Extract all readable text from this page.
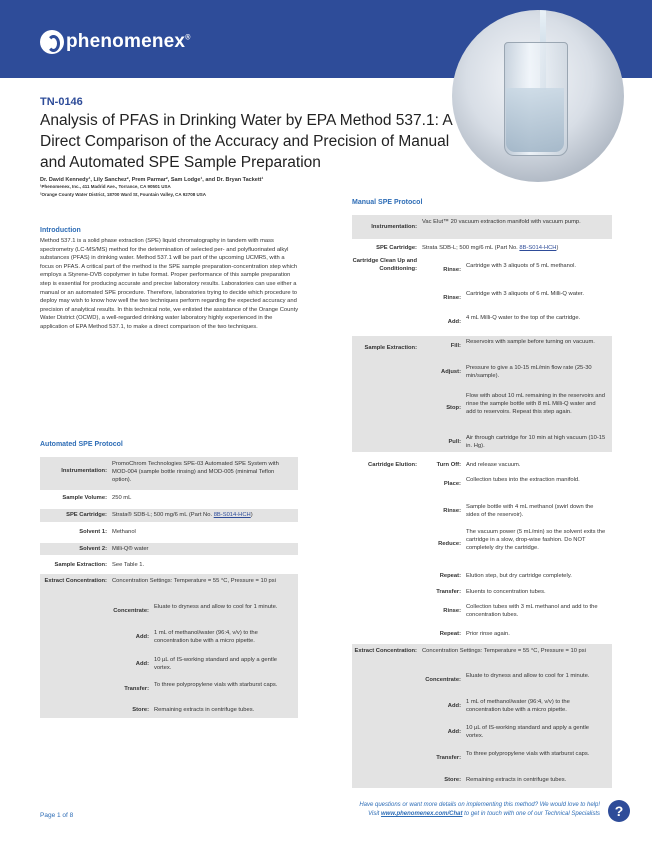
phenomenex®
TN-0146
Analysis of PFAS in Drinking Water by EPA Method 537.1: A Direct Comparison of the Accuracy and Precision of Manual and Automated SPE Sample Preparation
Dr. David Kennedy¹, Lily Sanchez², Prem Parmar², Sam Lodge¹, and Dr. Bryan Tackett¹
¹Phenomenex, Inc., 411 Madrid Ave., Torrance, CA 90501 USA
²Orange County Water District, 18700 Ward St, Fountain Valley, CA 92708 USA
Introduction
Method 537.1 is a solid phase extraction (SPE) liquid chromatography in tandem with mass spectrometry (LC-MS/MS) method for the determination of selected per- and polyfluorinated alkyl substances (PFAS) in drinking water. Method 537.1 will be part of the upcoming UCMR5, with a focus on PFAS. A critical part of the method is the SPE sample preparation-concentration step which employs a Styrene-DVB copolymer in tube format. Proper performance of this sample preparation step is essential for producing accurate and precise laboratory results. Laboratories can use either a manual or an automated SPE procedure. Therefore, laboratories trying to decide which procedure to deploy may wish to know how well the two techniques perform regarding the expected accuracy and precision of analytical results. In this technical note, we enlisted the assistance of the Orange County Water District (OCWD), a well-regarded drinking water laboratory highly experienced in the application of EPA Method 537.1, to make a direct comparison of the two techniques.
Automated SPE Protocol
Instrumentation:
PromoChrom Technologies SPE-03 Automated SPE System with MOD-004 (sample bottle rinsing) and MOD-005 (minimal Teflon option).
Sample Volume: 250 mL
SPE Cartridge: Strata® SDB-L; 500 mg/6 mL (Part No. 8B-S014-HCH)
Solvent 1: Methanol
Solvent 2: Milli-Q® water
Sample Extraction: See Table 1.
Extract Concentration: Concentration Settings: Temperature = 55 °C, Pressure = 10 psi
Concentrate:
Eluate to dryness and allow to cool for 1 minute.
Add:
1 mL of methanol/water (96:4, v/v) to the concentration tube with a micro pipette.
Add:
10 µL of IS-working standard and apply a gentle vortex.
Transfer:
To three polypropylene vials with starburst caps.
Store: Remaining extracts in centrifuge tubes.
Manual SPE Protocol
Instrumentation:
Vac Elut™ 20 vacuum extraction manifold with vacuum pump.
SPE Cartridge: Strata SDB-L; 500 mg/6 mL (Part No. 8B-S014-HCH)
Cartridge Clean Up and Conditioning:	Rinse:
Cartridge with 3 aliquots of 5 mL methanol.
Rinse:
Cartridge with 3 aliquots of 6 mL Milli-Q water.
Add:
4 mL Milli-Q water to the top of the cartridge.
Sample Extraction:	Fill:
Reservoirs with sample before turning on vacuum.
Adjust:
Pressure to give a 10-15 mL/min flow rate (25-30 min/sample).
Stop:
Flow with about 10 mL remaining in the reservoirs and rinse the sample bottle with 8 mL Milli-Q water and add to reservoirs. Repeat this step again.
Pull:
Air through cartridge for 10 min at high vacuum (10-15 in. Hg).
Cartridge Elution:	Turn Off: And release vacuum.
Place:
Collection tubes into the extraction manifold.
Rinse:
Sample bottle with 4 mL methanol (swirl down the sides of the reservoir).
Reduce:
The vacuum power (5 mL/min) so the solvent exits the cartridge in a slow, drop-wise fashion. Do NOT completely dry the cartridge.
Repeat: Elution step, but dry cartridge completely.
Transfer: Eluents to concentration tubes.
Rinse:
Collection tubes with 3 mL methanol and add to the concentration tubes.
Repeat: Prior rinse again.
Extract Concentration: Concentration Settings: Temperature = 55 °C, Pressure = 10 psi
Concentrate:
Eluate to dryness and allow to cool for 1 minute.
Add:
1 mL of methanol/water (96:4, v/v) to the concentration tube with a micro pipette.
Add:
10 µL of IS-working standard and apply a gentle vortex.
Transfer:
To three polypropylene vials with starburst caps.
Store: Remaining extracts in centrifuge tubes.
Page 1 of 8
Have questions or want more details on implementing this method? We would love to help!
Visit www.phenomenex.com/Chat to get in touch with one of our Technical Specialists	?
